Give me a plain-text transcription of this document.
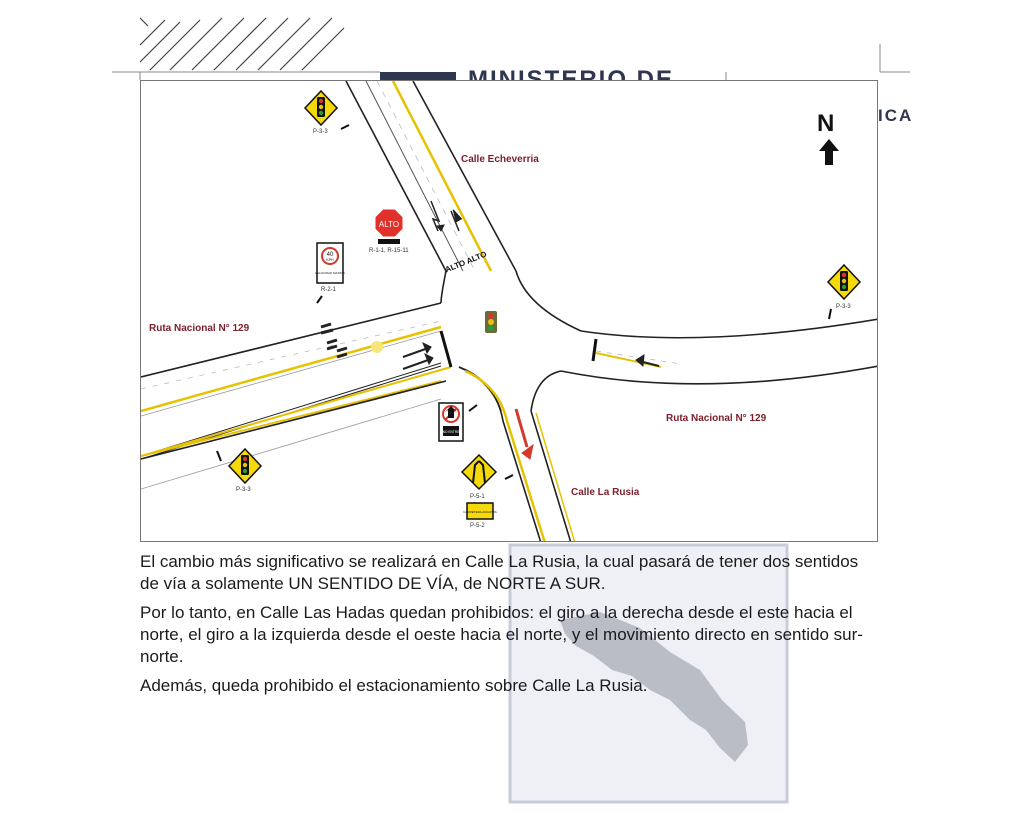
ICA
ALTO ALTO
N
Calle Echeverria
Ruta Nacional N° 129
Ruta Nacional N° 129
Calle La Rusia
P-3-3
P-3-3
P-3-3
ALTO
R-1-1, R-15-11
40
KPH
VELOCIDAD MAXIMA
R-2-1
NO ENTRE
P-5-1
CARRETERA ANGOSTA
P-5-2

El cambio más significativo se realizará en Calle La Rusia, la cual pasará de tener dos sentidos de vía a solamente UN SENTIDO DE VÍA, de NORTE A SUR.

Por lo tanto, en Calle Las Hadas quedan prohibidos: el giro a la derecha desde el este hacia el norte, el giro a la izquierda desde el oeste hacia el norte, y el movimiento directo en sentido sur-norte.

Además, queda prohibido el estacionamiento sobre Calle La Rusia.
